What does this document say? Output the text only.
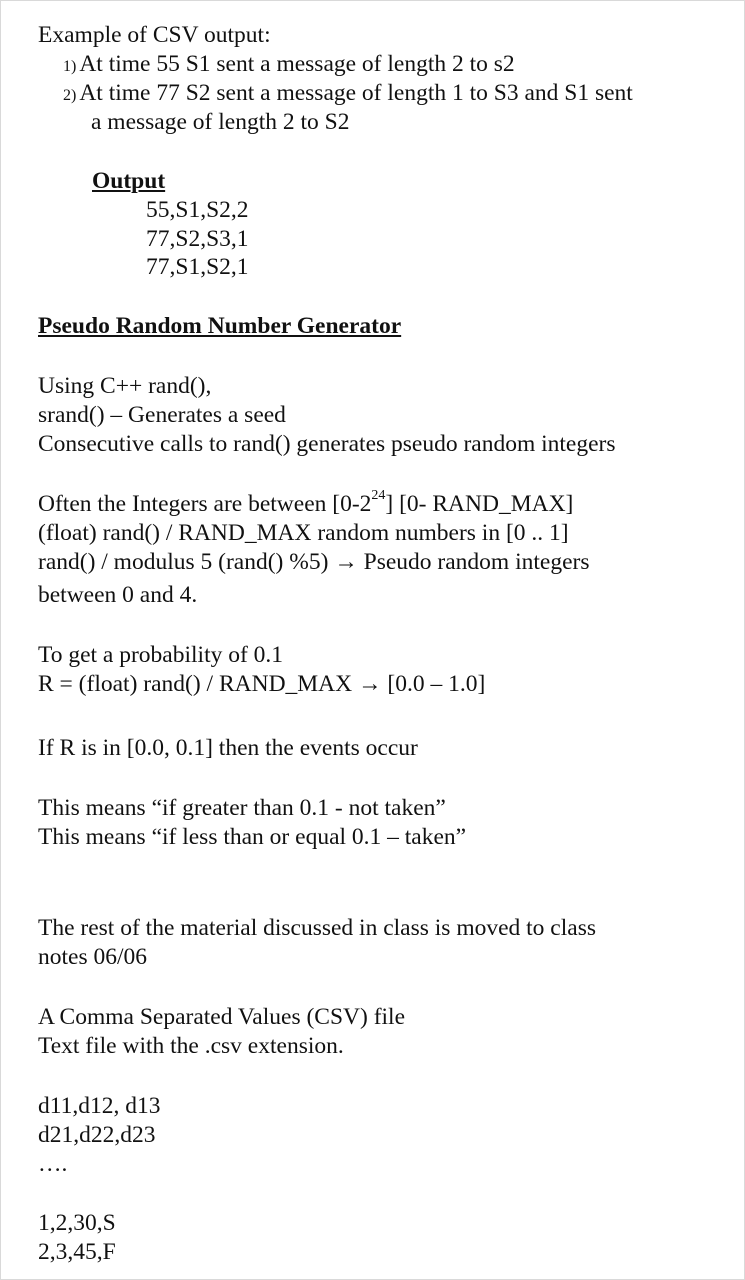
Example of CSV output:
1) At time 55 S1 sent a message of length 2 to s2
2) At time 77 S2 sent a message of length 1 to S3 and S1 sent
a message of length 2 to S2
Output
55,S1,S2,2
77,S2,S3,1
77,S1,S2,1
Pseudo Random Number Generator
Using C++ rand(),
srand() – Generates a seed
Consecutive calls to rand() generates pseudo random integers
Often the Integers are between $[0-2^{24}]$ [0- RAND_MAX]
(float) rand() / RAND_MAX random numbers in [0 .. 1]
rand() / modulus 5 (rand() %5) → Pseudo random integers
between 0 and 4.
To get a probability of 0.1
R = (float) rand() / RAND_MAX → [0.0 – 1.0]
If R is in [0.0, 0.1] then the events occur
This means “if greater than 0.1 - not taken”
This means “if less than or equal 0.1 – taken”
The rest of the material discussed in class is moved to class
notes 06/06
A Comma Separated Values (CSV) file
Text file with the .csv extension.
d11,d12, d13
d21,d22,d23
….
1,2,30,S
2,3,45,F
